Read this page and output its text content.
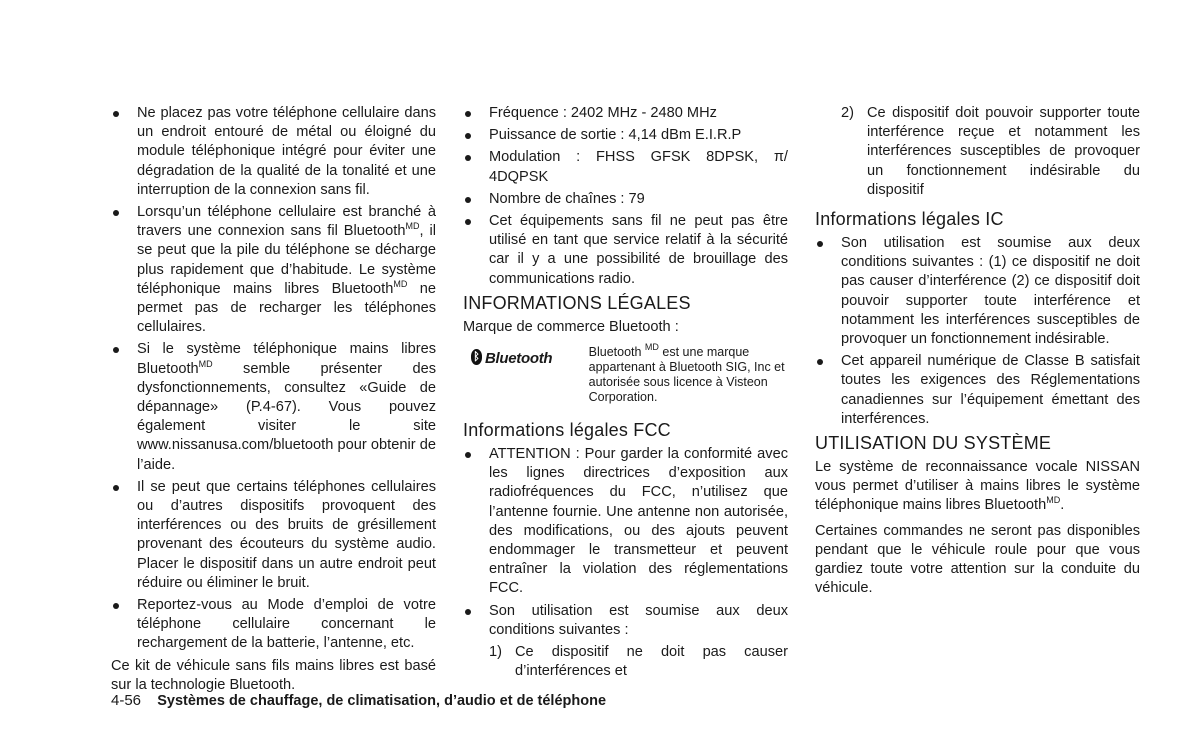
Ne placez pas votre téléphone cellulaire dans un endroit entouré de métal ou éloigné du module téléphonique intégré pour éviter une dégradation de la qualité de la tonalité et une interruption de la connexion sans fil.
Lorsqu’un téléphone cellulaire est branché à travers une connexion sans fil Bluetooth$^{MD}$, il se peut que la pile du téléphone se décharge plus rapidement que d’habitude. Le système téléphonique mains libres Bluetooth$^{MD}$ ne permet pas de recharger les téléphones cellulaires.
Si le système téléphonique mains libres Bluetooth$^{MD}$ semble présenter des dysfonctionnements, consultez «Guide de dépannage» (P.4-67). Vous pouvez également visiter le site www.nissanusa.com/bluetooth pour obtenir de l’aide.
Il se peut que certains téléphones cellulaires ou d’autres dispositifs provoquent des interférences ou des bruits de grésillement provenant des écouteurs du système audio. Placer le dispositif dans un autre endroit peut réduire ou éliminer le bruit.
Reportez-vous au Mode d’emploi de votre téléphone cellulaire concernant le rechargement de la batterie, l’antenne, etc.

Ce kit de véhicule sans fils mains libres est basé sur la technologie Bluetooth.

Fréquence : 2402 MHz - 2480 MHz
Puissance de sortie : 4,14 dBm E.I.R.P
Modulation : FHSS GFSK 8DPSK, π/ 4DQPSK
Nombre de chaînes : 79
Cet équipements sans fil ne peut pas être utilisé en tant que service relatif à la sécurité car il y a une possibilité de brouillage des communications radio.
INFORMATIONS LÉGALES

Marque de commerce Bluetooth :

ᛒ Bluetooth	Bluetooth $^{MD}$ est une marque appartenant à Bluetooth SIG, Inc et autorisée sous licence à Visteon Corporation.
Informations légales FCC
ATTENTION : Pour garder la conformité avec les lignes directrices d’exposition aux radiofréquences du FCC, n’utilisez que l’antenne fournie. Une antenne non autorisée, des modifications, ou des ajouts peuvent endommager le transmetteur et peuvent entraîner la violation des réglementations FCC.
Son utilisation est soumise aux deux conditions suivantes :
1) Ce dispositif ne doit pas causer d’interférences et
2) Ce dispositif doit pouvoir supporter toute interférence reçue et notamment les interférences susceptibles de provoquer un fonctionnement indésirable du dispositif
Informations légales IC
Son utilisation est soumise aux deux conditions suivantes : (1) ce dispositif ne doit pas causer d’interférence (2) ce dispositif doit pouvoir supporter toute interférence et notamment les interférences susceptibles de provoquer un fonctionnement indésirable.
Cet appareil numérique de Classe B satisfait toutes les exigences des Réglementations canadiennes sur l’équipement émettant des interférences.
UTILISATION DU SYSTÈME

Le système de reconnaissance vocale NISSAN vous permet d’utiliser à mains libres le système téléphonique mains libres Bluetooth$^{MD}$.

Certaines commandes ne seront pas disponibles pendant que le véhicule roule pour que vous gardiez toute votre attention sur la conduite du véhicule.

4-56 Systèmes de chauffage, de climatisation, d’audio et de téléphone
